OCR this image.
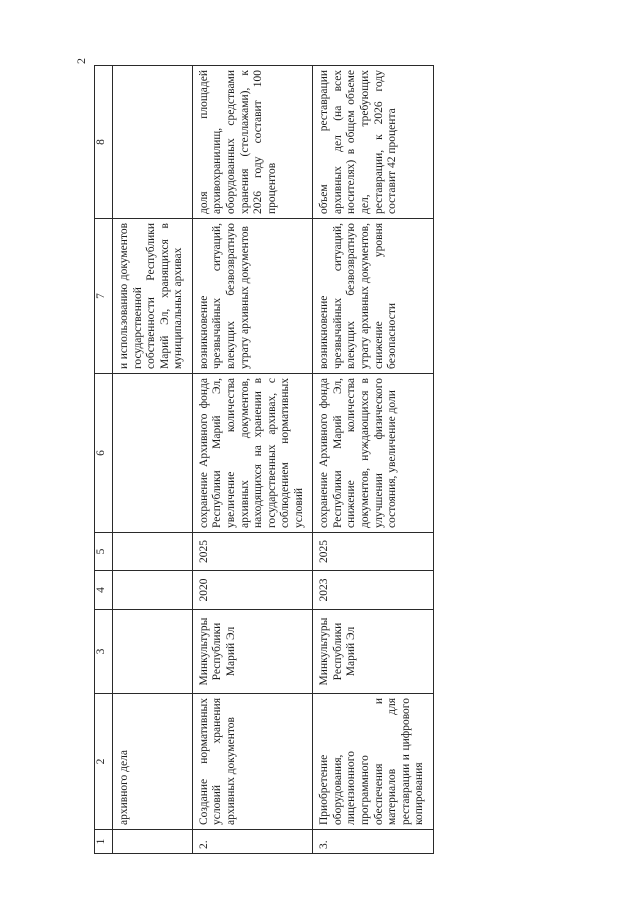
2
1	2	3	4	5	6	7	8
	архивного дела					и использованию документов государственной собственности Республики Марий Эл, хранящихся в муниципальных архивах	
2.	Создание нормативных условий хранения архивных документов	Минкультуры Республики Марий Эл	2020	2025	сохранение Архивного фонда Республики Марий Эл, увеличение количества архивных документов, находящихся на хранении в государственных архивах, с соблюдением нормативных условий	возникновение чрезвычайных ситуаций, влекущих безвозвратную утрату архивных документов	доля площадей архивохранилищ, оборудованных средствами хранения (стеллажами), к 2026 году составит 100 процентов
3.	Приобретение оборудования, лицензионного программного обеспечения и материалов для реставрации и цифрового копирования	Минкультуры Республики Марий Эл	2023	2025	сохранение Архивного фонда Республики Марий Эл, снижение количества документов, нуждающихся в улучшении физического состояния, увеличение доли	возникновение чрезвычайных ситуаций, влекущих безвозвратную утрату архивных документов, снижение уровня безопасности	объем реставрации архивных дел (на всех носителях) в общем объеме дел, требующих реставрации, к 2026 году составит 42 процента
